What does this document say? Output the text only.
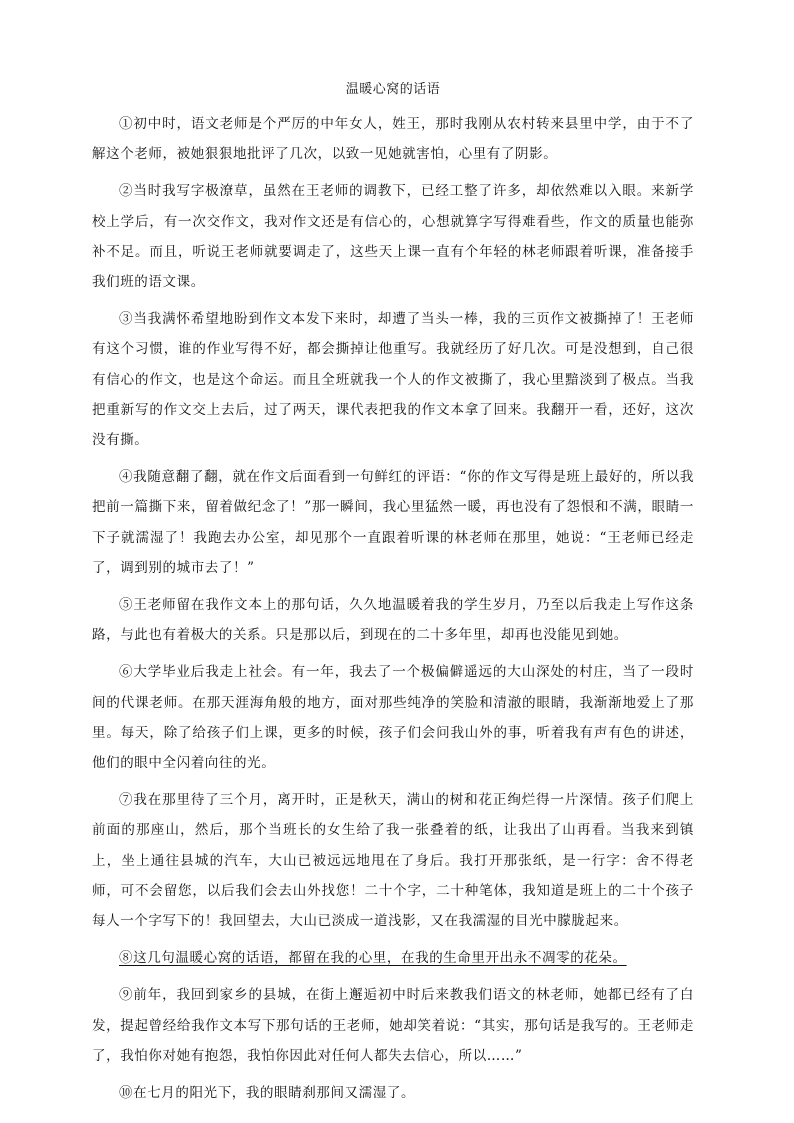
温暖心窝的话语

①初中时，语文老师是个严厉的中年女人，姓王，那时我刚从农村转来县里中学，由于不了解这个老师，被她狠狠地批评了几次，以致一见她就害怕，心里有了阴影。

②当时我写字极潦草，虽然在王老师的调教下，已经工整了许多，却依然难以入眼。来新学校上学后，有一次交作文，我对作文还是有信心的，心想就算字写得难看些，作文的质量也能弥补不足。而且，听说王老师就要调走了，这些天上课一直有个年轻的林老师跟着听课，准备接手我们班的语文课。

③当我满怀希望地盼到作文本发下来时，却遭了当头一棒，我的三页作文被撕掉了！王老师有这个习惯，谁的作业写得不好，都会撕掉让他重写。我就经历了好几次。可是没想到，自己很有信心的作文，也是这个命运。而且全班就我一个人的作文被撕了，我心里黯淡到了极点。当我把重新写的作文交上去后，过了两天，课代表把我的作文本拿了回来。我翻开一看，还好，这次没有撕。

④我随意翻了翻，就在作文后面看到一句鲜红的评语：“你的作文写得是班上最好的，所以我把前一篇撕下来，留着做纪念了！”那一瞬间，我心里猛然一暖，再也没有了怨恨和不满，眼睛一下子就濡湿了！我跑去办公室，却见那个一直跟着听课的林老师在那里，她说：“王老师已经走了，调到别的城市去了！”

⑤王老师留在我作文本上的那句话，久久地温暖着我的学生岁月，乃至以后我走上写作这条路，与此也有着极大的关系。只是那以后，到现在的二十多年里，却再也没能见到她。

⑥大学毕业后我走上社会。有一年，我去了一个极偏僻遥远的大山深处的村庄，当了一段时间的代课老师。在那天涯海角般的地方，面对那些纯净的笑脸和清澈的眼睛，我渐渐地爱上了那里。每天，除了给孩子们上课，更多的时候，孩子们会问我山外的事，听着我有声有色的讲述，他们的眼中全闪着向往的光。

⑦我在那里待了三个月，离开时，正是秋天，满山的树和花正绚烂得一片深情。孩子们爬上前面的那座山，然后，那个当班长的女生给了我一张叠着的纸，让我出了山再看。当我来到镇上，坐上通往县城的汽车，大山已被远远地甩在了身后。我打开那张纸，是一行字：舍不得老师，可不会留您，以后我们会去山外找您！二十个字，二十种笔体，我知道是班上的二十个孩子每人一个字写下的！我回望去，大山已淡成一道浅影，又在我濡湿的目光中朦胧起来。

⑧这几句温暖心窝的话语，都留在我的心里，在我的生命里开出永不凋零的花朵。

⑨前年，我回到家乡的县城，在街上邂逅初中时后来教我们语文的林老师，她都已经有了白发，提起曾经给我作文本写下那句话的王老师，她却笑着说：“其实，那句话是我写的。王老师走了，我怕你对她有抱怨，我怕你因此对任何人都失去信心，所以……”

⑩在七月的阳光下，我的眼睛刹那间又濡湿了。
